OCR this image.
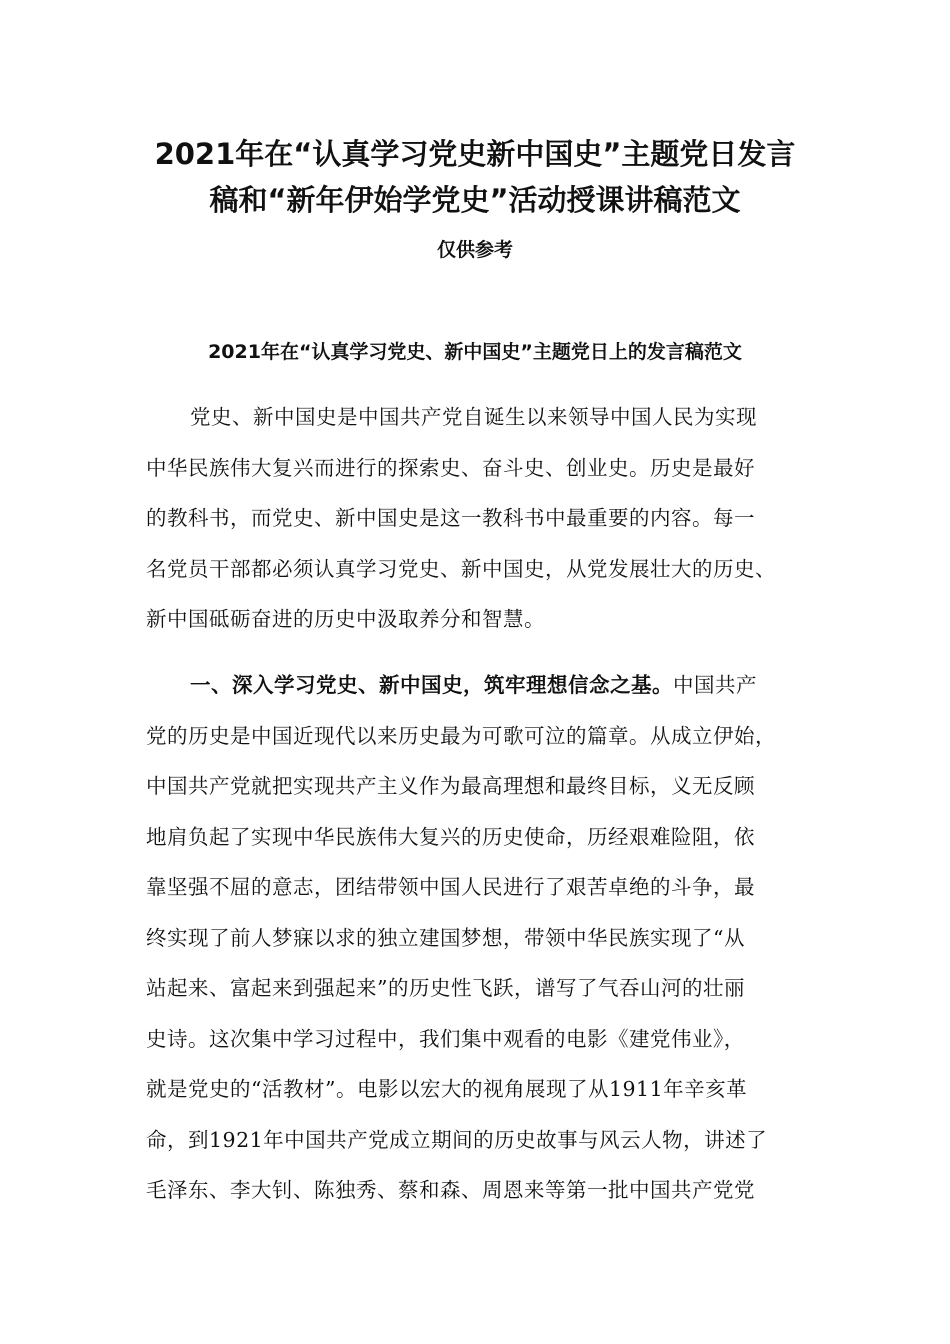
2021年在“认真学习党史新中国史”主题党日发言
稿和“新年伊始学党史”活动授课讲稿范文

仅供参考

2021年在“认真学习党史、新中国史”主题党日上的发言稿范文
党史、新中国史是中国共产党自诞生以来领导中国人民为实现
中华民族伟大复兴而进行的探索史、奋斗史、创业史。历史是最好
的教科书，而党史、新中国史是这一教科书中最重要的内容。每一
名党员干部都必须认真学习党史、新中国史，从党发展壮大的历史、
新中国砥砺奋进的历史中汲取养分和智慧。
一、深入学习党史、新中国史，筑牢理想信念之基。中国共产
党的历史是中国近现代以来历史最为可歌可泣的篇章。从成立伊始，
中国共产党就把实现共产主义作为最高理想和最终目标，义无反顾
地肩负起了实现中华民族伟大复兴的历史使命，历经艰难险阻，依
靠坚强不屈的意志，团结带领中国人民进行了艰苦卓绝的斗争，最
终实现了前人梦寐以求的独立建国梦想，带领中华民族实现了“从
站起来、富起来到强起来”的历史性飞跃，谱写了气吞山河的壮丽
史诗。这次集中学习过程中，我们集中观看的电影《建党伟业》，
就是党史的“活教材”。电影以宏大的视角展现了从1911年辛亥革
命，到1921年中国共产党成立期间的历史故事与风云人物，讲述了
毛泽东、李大钊、陈独秀、蔡和森、周恩来等第一批中国共产党党
